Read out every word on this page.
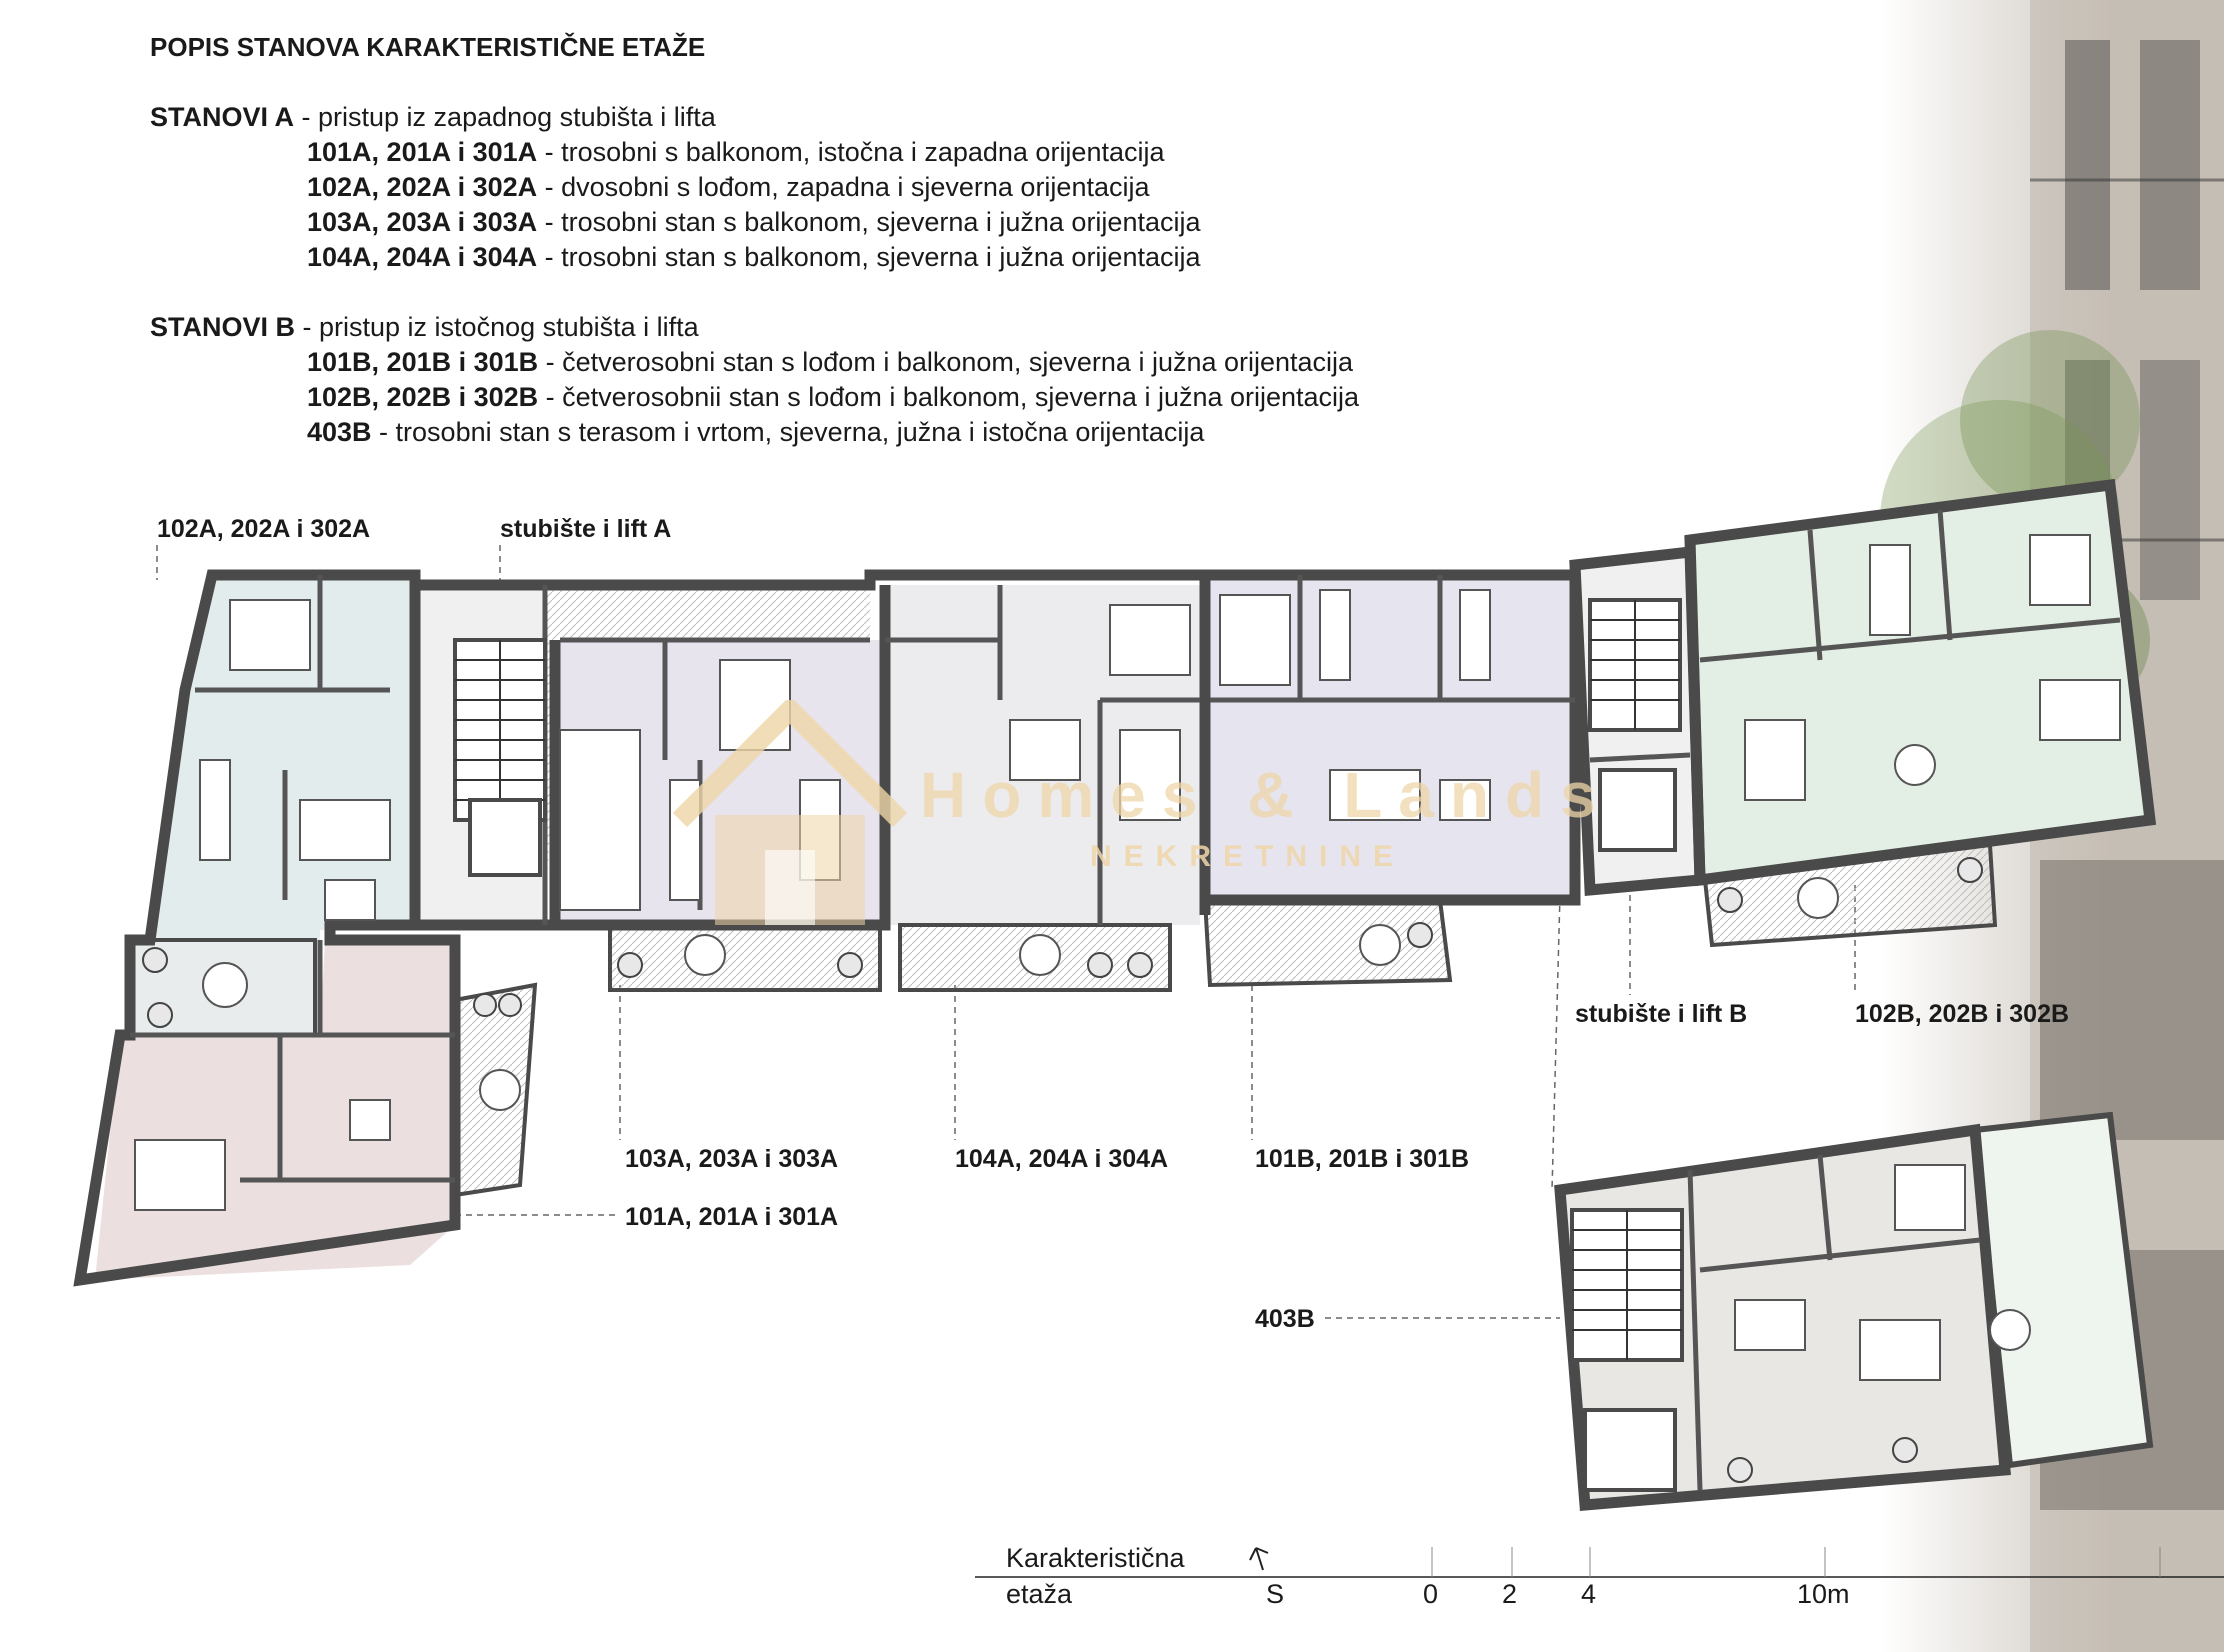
POPIS STANOVA KARAKTERISTIČNE ETAŽE
STANOVI A - pristup iz zapadnog stubišta i lifta
101A, 201A i 301A - trosobni s balkonom, istočna i zapadna orijentacija
102A, 202A i 302A - dvosobni s lođom, zapadna i sjeverna orijentacija
103A, 203A i 303A - trosobni stan s balkonom, sjeverna i južna orijentacija
104A, 204A i 304A - trosobni stan s balkonom, sjeverna i južna orijentacija
STANOVI B - pristup iz istočnog stubišta i lifta
101B, 201B i 301B - četverosobni stan s lođom i balkonom, sjeverna i južna orijentacija
102B, 202B i 302B - četverosobnii stan s lođom i balkonom, sjeverna i južna orijentacija
403B - trosobni stan s terasom i vrtom, sjeverna, južna i istočna orijentacija
102A, 202A i 302A	stubište i lift A
103A, 203A i 303A	104A, 204A i 304A	101B, 201B i 301B
101A, 201A i 301A
stubište i lift B	102B, 202B i 302B
403B
Homes & Lands
NEKRETNINE
Karakteristična
etaža	S	0 2 4	10m
